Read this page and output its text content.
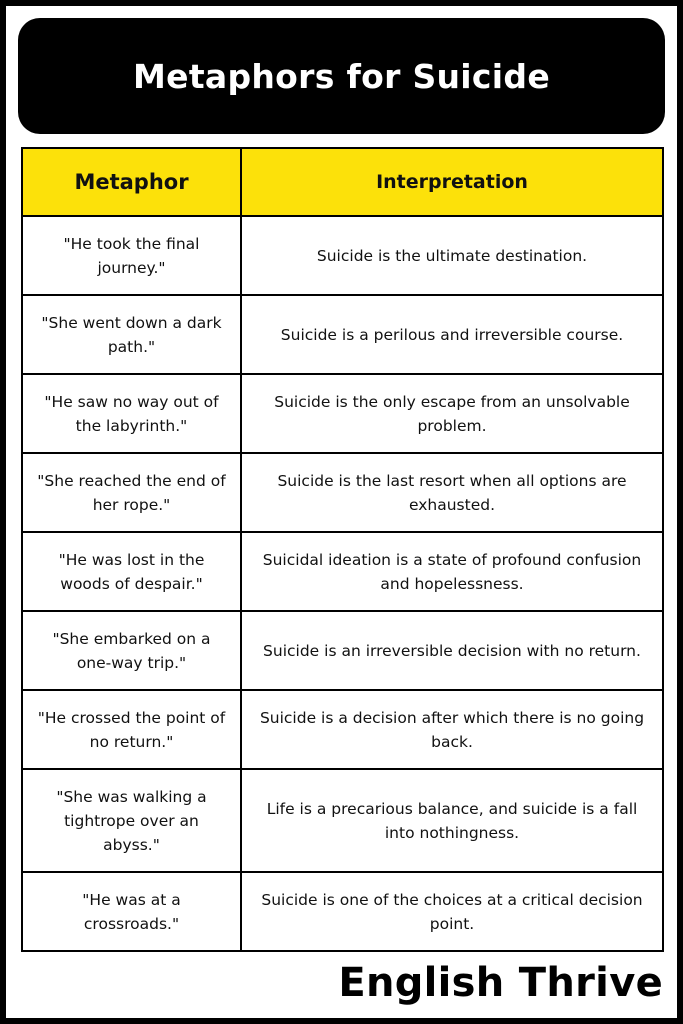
Metaphors for Suicide
Metaphor	Interpretation
"He took the final journey."	Suicide is the ultimate destination.
"She went down a dark path."	Suicide is a perilous and irreversible course.
"He saw no way out of the labyrinth."	Suicide is the only escape from an unsolvable problem.
"She reached the end of her rope."	Suicide is the last resort when all options are exhausted.
"He was lost in the woods of despair."	Suicidal ideation is a state of profound confusion and hopelessness.
"She embarked on a one-way trip."	Suicide is an irreversible decision with no return.
"He crossed the point of no return."	Suicide is a decision after which there is no going back.
"She was walking a tightrope over an abyss."	Life is a precarious balance, and suicide is a fall into nothingness.
"He was at a crossroads."	Suicide is one of the choices at a critical decision point.
English Thrive
